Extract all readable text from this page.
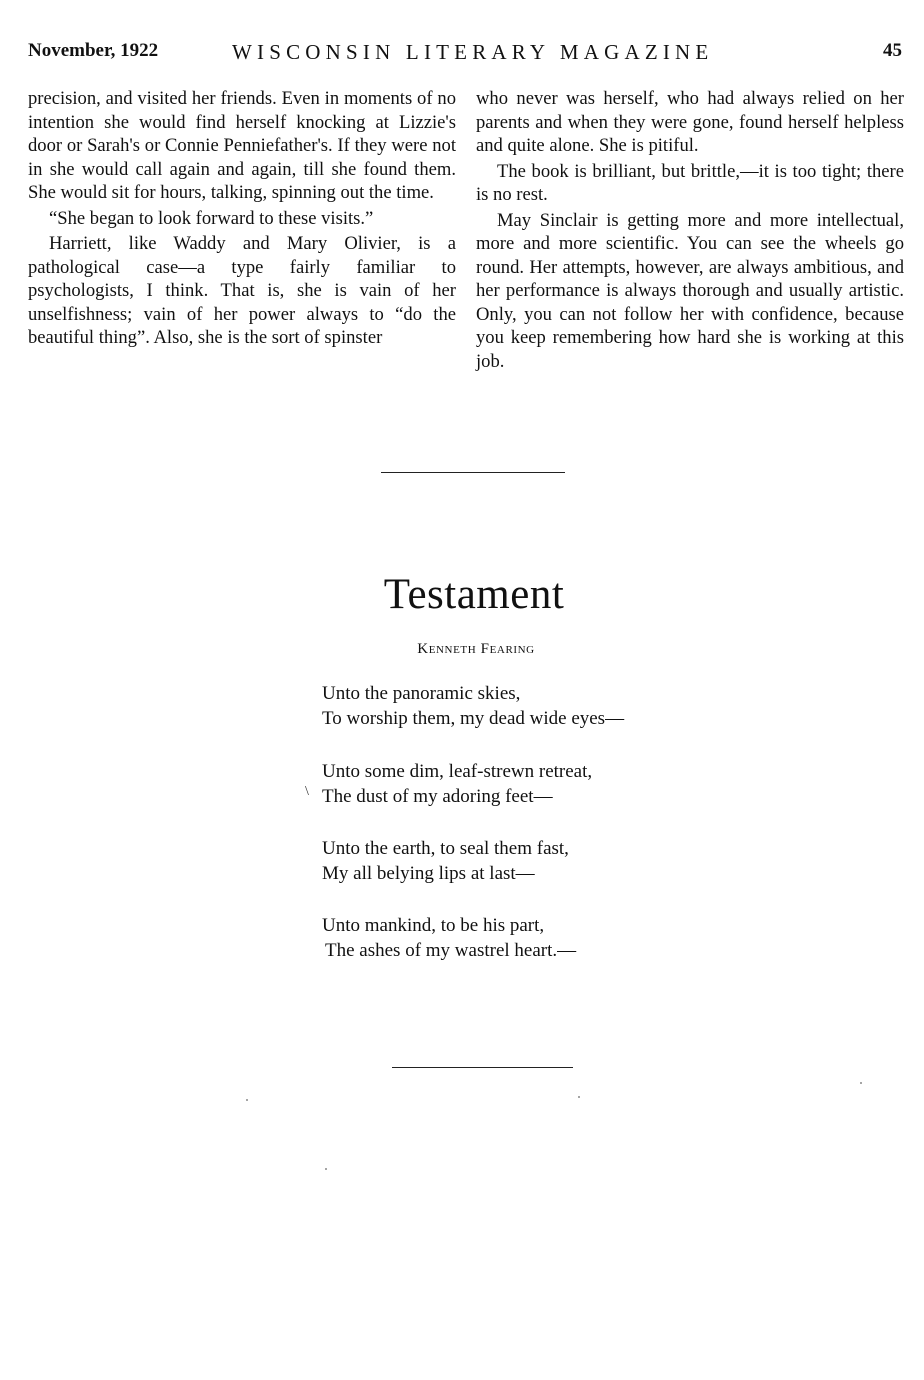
November, 1922	WISCONSIN LITERARY MAGAZINE	45

precision, and visited her friends. Even in moments of no intention she would find herself knocking at Lizzie's door or Sarah's or Connie Penniefather's. If they were not in she would call again and again, till she found them. She would sit for hours, talking, spinning out the time.

“She began to look forward to these visits.”

Harriett, like Waddy and Mary Olivier, is a pathological case—a type fairly familiar to psychologists, I think. That is, she is vain of her unselfishness; vain of her power always to “do the beautiful thing”. Also, she is the sort of spinster

who never was herself, who had always relied on her parents and when they were gone, found herself helpless and quite alone. She is pitiful.

The book is brilliant, but brittle,—it is too tight; there is no rest.

May Sinclair is getting more and more intellectual, more and more scientific. You can see the wheels go round. Her attempts, however, are always ambitious, and her performance is always thorough and usually artistic. Only, you can not follow her with confidence, because you keep remembering how hard she is working at this job.

Testament
Kenneth Fearing
Unto the panoramic skies,
To worship them, my dead wide eyes—
Unto some dim, leaf-strewn retreat,
The dust of my adoring feet—
\
Unto the earth, to seal them fast,
My all belying lips at last—
Unto mankind, to be his part,
The ashes of my wastrel heart.—
